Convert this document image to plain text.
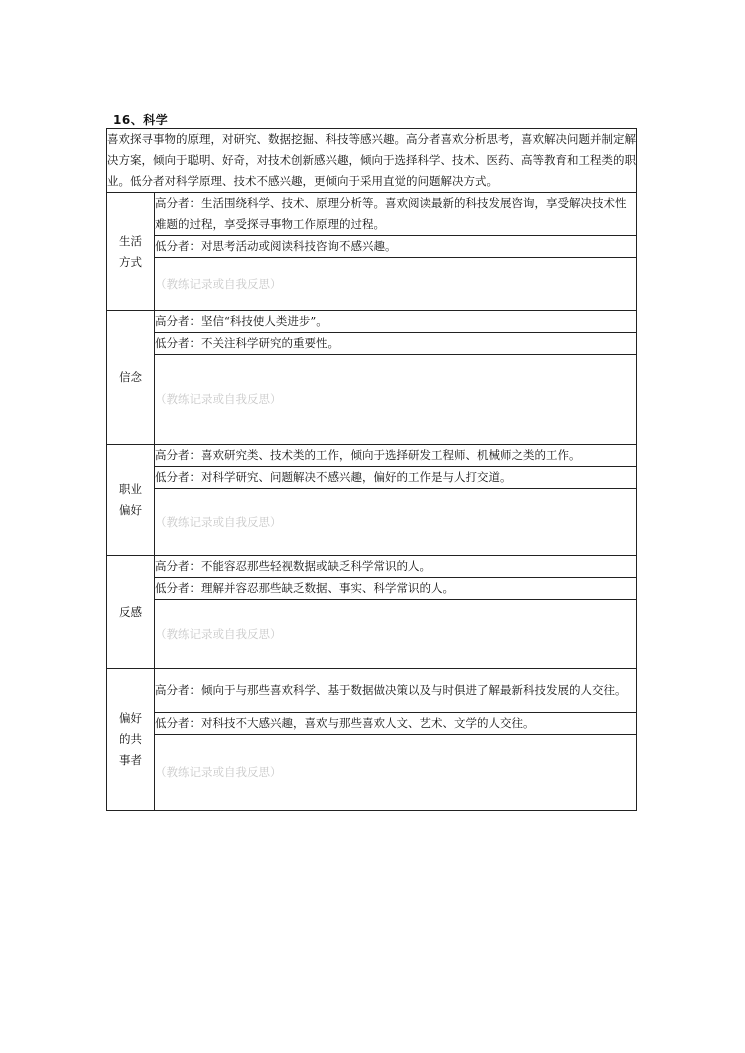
16、科学
喜欢探寻事物的原理，对研究、数据挖掘、科技等感兴趣。高分者喜欢分析思考，喜欢解决问题并制定解决方案，倾向于聪明、好奇，对技术创新感兴趣，倾向于选择科学、技术、医药、高等教育和工程类的职业。低分者对科学原理、技术不感兴趣，更倾向于采用直觉的问题解决方式。	

生活
方式	高分者：生活围绕科学、技术、原理分析等。喜欢阅读最新的科技发展咨询，享受解决技术性难题的过程，享受探寻事物工作原理的过程。
	低分者：对思考活动或阅读科技咨询不感兴趣。
	（教练记录或自我反思）

信念	高分者：坚信“科技使人类进步”。
	低分者：不关注科学研究的重要性。
	（教练记录或自我反思）

职业
偏好	高分者：喜欢研究类、技术类的工作，倾向于选择研发工程师、机械师之类的工作。
	低分者：对科学研究、问题解决不感兴趣，偏好的工作是与人打交道。
	（教练记录或自我反思）

反感	高分者：不能容忍那些轻视数据或缺乏科学常识的人。
	低分者：理解并容忍那些缺乏数据、事实、科学常识的人。
	（教练记录或自我反思）

偏好
的共
事者	高分者：倾向于与那些喜欢科学、基于数据做决策以及与时俱进了解最新科技发展的人交往。
	低分者：对科技不大感兴趣，喜欢与那些喜欢人文、艺术、文学的人交往。
	（教练记录或自我反思）
